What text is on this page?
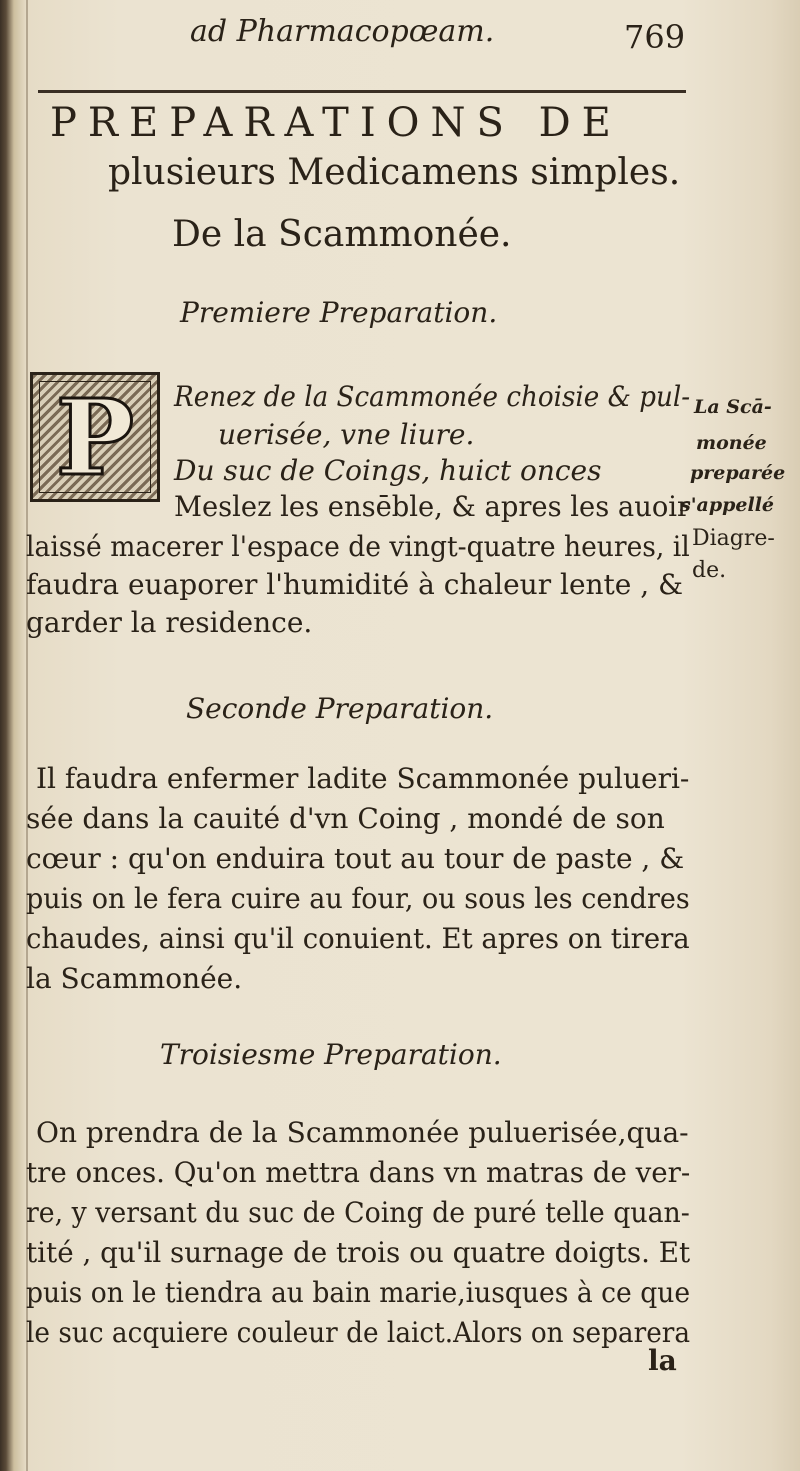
ad Pharmacopœam.	769
PREPARATIONS DE
plusieurs Medicamens simples.
De la Scammonée.
Premiere Preparation.
P	Renez de la Scammonée choisie & pul-
uerisée, vne liure.
Du suc de Coings, huict onces
Meslez les ensēble, & apres les auoir
laissé macerer l'espace de vingt-quatre heures, il
faudra euaporer l'humidité à chaleur lente , &
garder la residence.
La Scā-
monée
preparée
s'appellé
Diagre-
de.
Seconde Preparation.
Il faudra enfermer ladite Scammonée pulueri-
sée dans la cauité d'vn Coing , mondé de son
cœur : qu'on enduira tout au tour de paste , &
puis on le fera cuire au four, ou sous les cendres
chaudes, ainsi qu'il conuient. Et apres on tirera
la Scammonée.
Troisiesme Preparation.
On prendra de la Scammonée puluerisée,qua-
tre onces. Qu'on mettra dans vn matras de ver-
re, y versant du suc de Coing de puré telle quan-
tité , qu'il surnage de trois ou quatre doigts. Et
puis on le tiendra au bain marie,iusques à ce que
le suc acquiere couleur de laict.Alors on separera
la
